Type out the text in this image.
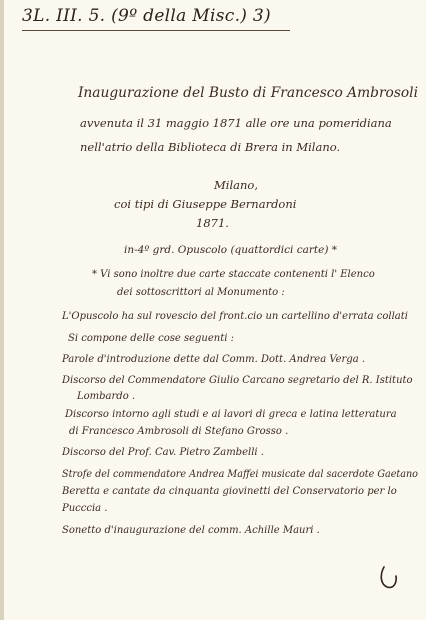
3L. III. 5. (9º della Misc.) 3)
Inaugurazione del Busto di Francesco Ambrosoli
avvenuta il 31 maggio 1871 alle ore una pomeridiana
nell'atrio della Biblioteca di Brera in Milano.
Milano,
coi tipi di Giuseppe Bernardoni
1871.
in-4º grd. Opuscolo (quattordici carte) *
* Vi sono inoltre due carte staccate contenenti l' Elenco
dei sottoscrittori al Monumento :
L'Opuscolo ha sul rovescio del front.cio un cartellino d'errata collati
Si compone delle cose seguenti :
Parole d'introduzione dette dal Comm. Dott. Andrea Verga .
Discorso del Commendatore Giulio Carcano segretario del R. Istituto
Lombardo .
Discorso intorno agli studi e ai lavori di greca e latina letteratura
di Francesco Ambrosoli di Stefano Grosso .
Discorso del Prof. Cav. Pietro Zambelli .
Strofe del commendatore Andrea Maffei musicate dal sacerdote Gaetano
Beretta e cantate da cinquanta giovinetti del Conservatorio per lo
Pucccia .
Sonetto d'inaugurazione del comm. Achille Mauri .
